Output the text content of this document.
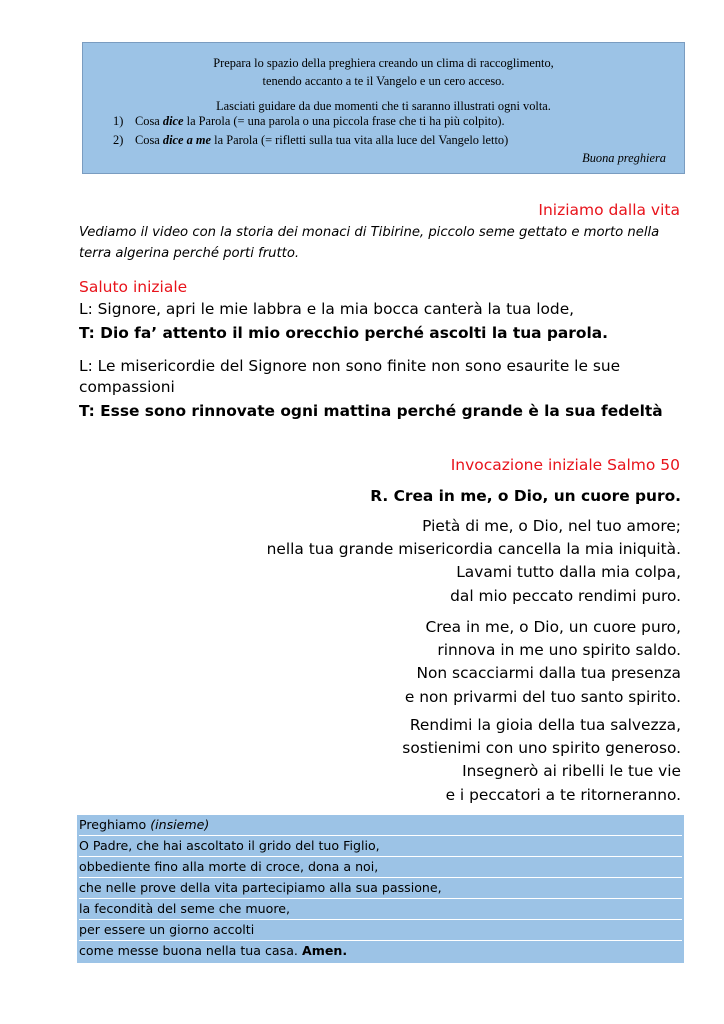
Prepara lo spazio della preghiera creando un clima di raccoglimento,
tenendo accanto a te il Vangelo e un cero acceso.
Lasciati guidare da due momenti che ti saranno illustrati ogni volta.
1) Cosa dice la Parola (= una parola o una piccola frase che ti ha più colpito).
2) Cosa dice a me la Parola (= rifletti sulla tua vita alla luce del Vangelo letto)
Buona preghiera
Iniziamo dalla vita
Vediamo il video con la storia dei monaci di Tibirine, piccolo seme gettato e morto nella terra algerina perché porti frutto.
Saluto iniziale
L: Signore, apri le mie labbra e la mia bocca canterà la tua lode,
T: Dio fa’ attento il mio orecchio perché ascolti la tua parola.
L: Le misericordie del Signore non sono finite non sono esaurite le sue compassioni
T: Esse sono rinnovate ogni mattina perché grande è la sua fedeltà
Invocazione iniziale Salmo 50
R. Crea in me, o Dio, un cuore puro.
Pietà di me, o Dio, nel tuo amore;
nella tua grande misericordia cancella la mia iniquità.
Lavami tutto dalla mia colpa,
dal mio peccato rendimi puro.
Crea in me, o Dio, un cuore puro,
rinnova in me uno spirito saldo.
Non scacciarmi dalla tua presenza
e non privarmi del tuo santo spirito.
Rendimi la gioia della tua salvezza,
sostienimi con uno spirito generoso.
Insegnerò ai ribelli le tue vie
e i peccatori a te ritorneranno.
Preghiamo (insieme)
O Padre, che hai ascoltato il grido del tuo Figlio,
obbediente fino alla morte di croce, dona a noi,
che nelle prove della vita partecipiamo alla sua passione,
la fecondità del seme che muore,
per essere un giorno accolti
come messe buona nella tua casa. Amen.
